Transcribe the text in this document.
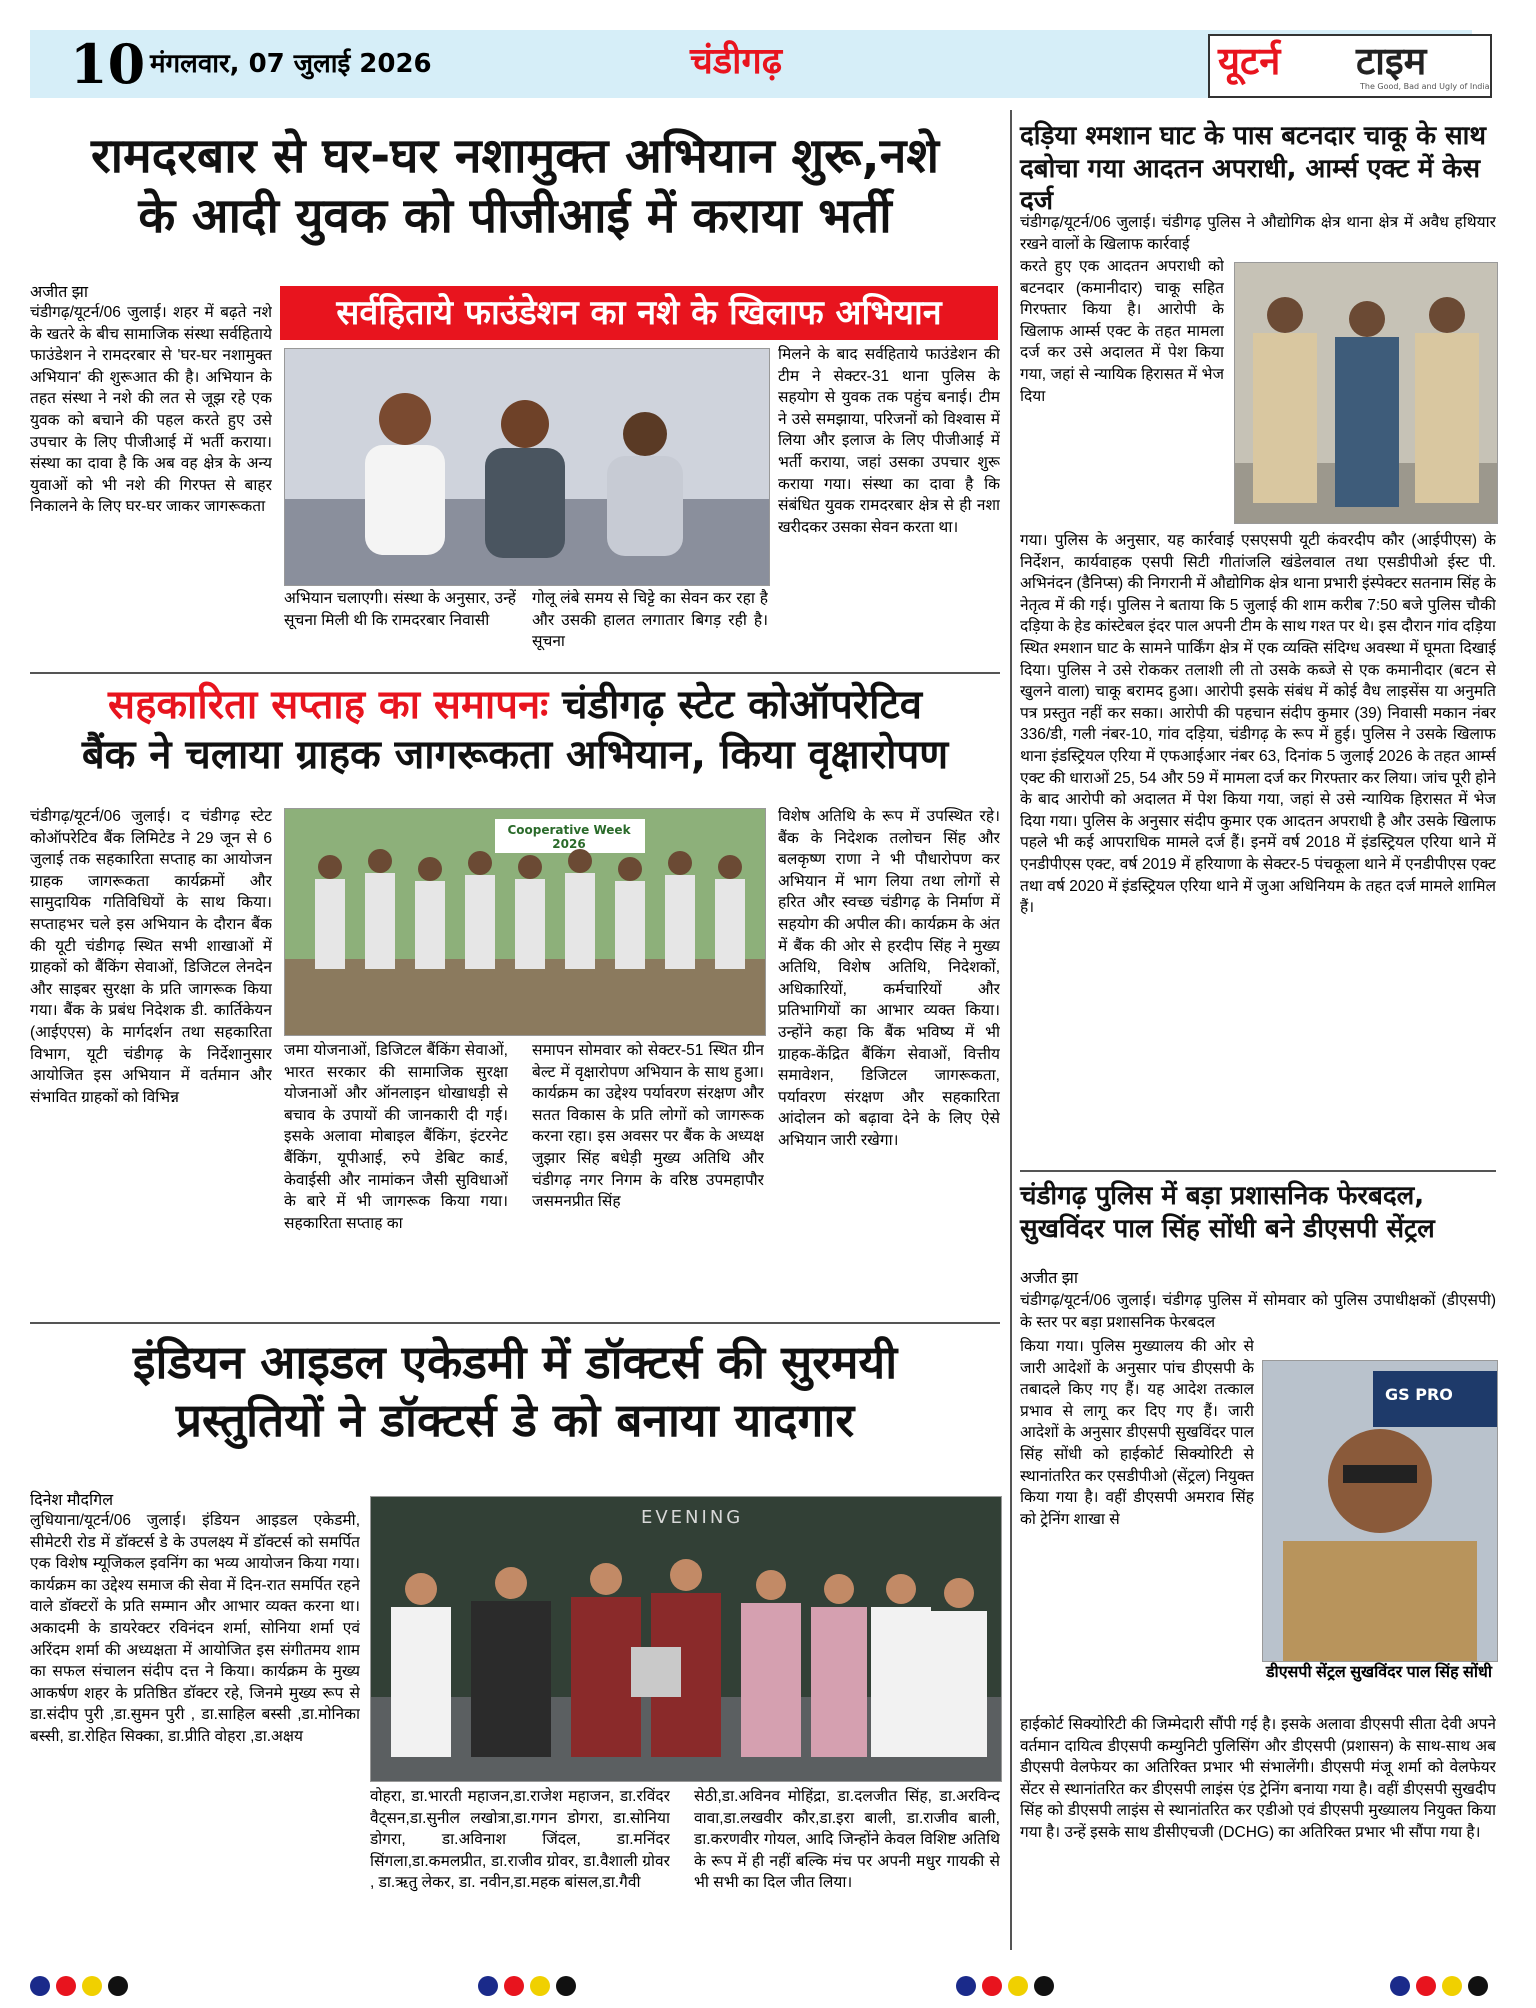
10 मंगलवार, 07 जुलाई 2026	चंडीगढ़	यूटर्न टाइम
The Good, Bad and Ugly of India
रामदरबार से घर-घर नशामुक्त अभियान शुरू,नशे
के आदी युवक को पीजीआई में कराया भर्ती
अजीत झा
सर्वहिताये फाउंडेशन का नशे के खिलाफ अभियान
चंडीगढ़/यूटर्न/06 जुलाई। शहर में बढ़ते नशे के खतरे के बीच सामाजिक संस्था सर्वहिताये फाउंडेशन ने रामदरबार से 'घर-घर नशामुक्त अभियान' की शुरूआत की है। अभियान के तहत संस्था ने नशे की लत से जूझ रहे एक युवक को बचाने की पहल करते हुए उसे उपचार के लिए पीजीआई में भर्ती कराया। संस्था का दावा है कि अब वह क्षेत्र के अन्य युवाओं को भी नशे की गिरफ्त से बाहर निकालने के लिए घर-घर जाकर जागरूकता
अभियान चलाएगी। संस्था के अनुसार, उन्हें सूचना मिली थी कि रामदरबार निवासी
गोलू लंबे समय से चिट्टे का सेवन कर रहा है और उसकी हालत लगातार बिगड़ रही है। सूचना
मिलने के बाद सर्वहिताये फाउंडेशन की टीम ने सेक्टर-31 थाना पुलिस के सहयोग से युवक तक पहुंच बनाई। टीम ने उसे समझाया, परिजनों को विश्वास में लिया और इलाज के लिए पीजीआई में भर्ती कराया, जहां उसका उपचार शुरू कराया गया। संस्था का दावा है कि संबंधित युवक रामदरबार क्षेत्र से ही नशा खरीदकर उसका सेवन करता था।
सहकारिता सप्ताह का समापनः चंडीगढ़ स्टेट कोऑपरेटिव
बैंक ने चलाया ग्राहक जागरूकता अभियान, किया वृक्षारोपण
चंडीगढ़/यूटर्न/06 जुलाई। द चंडीगढ़ स्टेट कोऑपरेटिव बैंक लिमिटेड ने 29 जून से 6 जुलाई तक सहकारिता सप्ताह का आयोजन ग्राहक जागरूकता कार्यक्रमों और सामुदायिक गतिविधियों के साथ किया। सप्ताहभर चले इस अभियान के दौरान बैंक की यूटी चंडीगढ़ स्थित सभी शाखाओं में ग्राहकों को बैंकिंग सेवाओं, डिजिटल लेनदेन और साइबर सुरक्षा के प्रति जागरूक किया गया। बैंक के प्रबंध निदेशक डी. कार्तिकेयन (आईएएस) के मार्गदर्शन तथा सहकारिता विभाग, यूटी चंडीगढ़ के निर्देशानुसार आयोजित इस अभियान में वर्तमान और संभावित ग्राहकों को विभिन्न
Cooperative Week 2026
जमा योजनाओं, डिजिटल बैंकिंग सेवाओं, भारत सरकार की सामाजिक सुरक्षा योजनाओं और ऑनलाइन धोखाधड़ी से बचाव के उपायों की जानकारी दी गई। इसके अलावा मोबाइल बैंकिंग, इंटरनेट बैंकिंग, यूपीआई, रुपे डेबिट कार्ड, केवाईसी और नामांकन जैसी सुविधाओं के बारे में भी जागरूक किया गया। सहकारिता सप्ताह का
समापन सोमवार को सेक्टर-51 स्थित ग्रीन बेल्ट में वृक्षारोपण अभियान के साथ हुआ। कार्यक्रम का उद्देश्य पर्यावरण संरक्षण और सतत विकास के प्रति लोगों को जागरूक करना रहा। इस अवसर पर बैंक के अध्यक्ष जुझार सिंह बधेड़ी मुख्य अतिथि और चंडीगढ़ नगर निगम के वरिष्ठ उपमहापौर जसमनप्रीत सिंह
विशेष अतिथि के रूप में उपस्थित रहे। बैंक के निदेशक तलोचन सिंह और बलकृष्ण राणा ने भी पौधारोपण कर अभियान में भाग लिया तथा लोगों से हरित और स्वच्छ चंडीगढ़ के निर्माण में सहयोग की अपील की। कार्यक्रम के अंत में बैंक की ओर से हरदीप सिंह ने मुख्य अतिथि, विशेष अतिथि, निदेशकों, अधिकारियों, कर्मचारियों और प्रतिभागियों का आभार व्यक्त किया। उन्होंने कहा कि बैंक भविष्य में भी ग्राहक-केंद्रित बैंकिंग सेवाओं, वित्तीय समावेशन, डिजिटल जागरूकता, पर्यावरण संरक्षण और सहकारिता आंदोलन को बढ़ावा देने के लिए ऐसे अभियान जारी रखेगा।
इंडियन आइडल एकेडमी में डॉक्टर्स की सुरमयी
प्रस्तुतियों ने डॉक्टर्स डे को बनाया यादगार
दिनेश मौदगिल
लुधियाना/यूटर्न/06 जुलाई। इंडियन आइडल एकेडमी, सीमेटरी रोड में डॉक्टर्स डे के उपलक्ष्य में डॉक्टर्स को समर्पित एक विशेष म्यूजिकल इवनिंग का भव्य आयोजन किया गया। कार्यक्रम का उद्देश्य समाज की सेवा में दिन-रात समर्पित रहने वाले डॉक्टरों के प्रति सम्मान और आभार व्यक्त करना था। अकादमी के डायरेक्टर रविनंदन शर्मा, सोनिया शर्मा एवं अरिंदम शर्मा की अध्यक्षता में आयोजित इस संगीतमय शाम का सफल संचालन संदीप दत्त ने किया। कार्यक्रम के मुख्य आकर्षण शहर के प्रतिष्ठित डॉक्टर रहे, जिनमे मुख्य रूप से डा.संदीप पुरी ,डा.सुमन पुरी , डा.साहिल बस्सी ,डा.मोनिका बस्सी, डा.रोहित सिक्का, डा.प्रीति वोहरा ,डा.अक्षय
EVENING
वोहरा, डा.भारती महाजन,डा.राजेश महाजन, डा.रविंदर वैट्सन,डा.सुनील लखोत्रा,डा.गगन डोगरा, डा.सोनिया डोगरा, डा.अविनाश जिंदल, डा.मनिंदर सिंगला,डा.कमलप्रीत, डा.राजीव ग्रोवर, डा.वैशाली ग्रोवर , डा.ऋतु लेकर, डा. नवीन,डा.महक बांसल,डा.गैवी
सेठी,डा.अविनव मोहिंद्रा, डा.दलजीत सिंह, डा.अरविन्द वावा,डा.लखवीर कौर,डा.इरा बाली, डा.राजीव बाली, डा.करणवीर गोयल, आदि जिन्होंने केवल विशिष्ट अतिथि के रूप में ही नहीं बल्कि मंच पर अपनी मधुर गायकी से भी सभी का दिल जीत लिया।
दड़िया श्मशान घाट के पास बटनदार चाकू के साथ
दबोचा गया आदतन अपराधी, आर्म्स एक्ट में केस दर्ज
चंडीगढ़/यूटर्न/06 जुलाई। चंडीगढ़ पुलिस ने औद्योगिक क्षेत्र थाना क्षेत्र में अवैध हथियार रखने वालों के खिलाफ कार्रवाई
करते हुए एक आदतन अपराधी को बटनदार (कमानीदार) चाकू सहित गिरफ्तार किया है। आरोपी के खिलाफ आर्म्स एक्ट के तहत मामला दर्ज कर उसे अदालत में पेश किया गया, जहां से न्यायिक हिरासत में भेज दिया
गया। पुलिस के अनुसार, यह कार्रवाई एसएसपी यूटी कंवरदीप कौर (आईपीएस) के निर्देशन, कार्यवाहक एसपी सिटी गीतांजलि खंडेलवाल तथा एसडीपीओ ईस्ट पी. अभिनंदन (डैनिप्स) की निगरानी में औद्योगिक क्षेत्र थाना प्रभारी इंस्पेक्टर सतनाम सिंह के नेतृत्व में की गई। पुलिस ने बताया कि 5 जुलाई की शाम करीब 7:50 बजे पुलिस चौकी दड़िया के हेड कांस्टेबल इंदर पाल अपनी टीम के साथ गश्त पर थे। इस दौरान गांव दड़िया स्थित श्मशान घाट के सामने पार्किंग क्षेत्र में एक व्यक्ति संदिग्ध अवस्था में घूमता दिखाई दिया। पुलिस ने उसे रोककर तलाशी ली तो उसके कब्जे से एक कमानीदार (बटन से खुलने वाला) चाकू बरामद हुआ। आरोपी इसके संबंध में कोई वैध लाइसेंस या अनुमति पत्र प्रस्तुत नहीं कर सका। आरोपी की पहचान संदीप कुमार (39) निवासी मकान नंबर 336/डी, गली नंबर-10, गांव दड़िया, चंडीगढ़ के रूप में हुई। पुलिस ने उसके खिलाफ थाना इंडस्ट्रियल एरिया में एफआईआर नंबर 63, दिनांक 5 जुलाई 2026 के तहत आर्म्स एक्ट की धाराओं 25, 54 और 59 में मामला दर्ज कर गिरफ्तार कर लिया। जांच पूरी होने के बाद आरोपी को अदालत में पेश किया गया, जहां से उसे न्यायिक हिरासत में भेज दिया गया। पुलिस के अनुसार संदीप कुमार एक आदतन अपराधी है और उसके खिलाफ पहले भी कई आपराधिक मामले दर्ज हैं। इनमें वर्ष 2018 में इंडस्ट्रियल एरिया थाने में एनडीपीएस एक्ट, वर्ष 2019 में हरियाणा के सेक्टर-5 पंचकूला थाने में एनडीपीएस एक्ट तथा वर्ष 2020 में इंडस्ट्रियल एरिया थाने में जुआ अधिनियम के तहत दर्ज मामले शामिल हैं।
चंडीगढ़ पुलिस में बड़ा प्रशासनिक फेरबदल,
सुखविंदर पाल सिंह सोंधी बने डीएसपी सेंट्रल
अजीत झा
चंडीगढ़/यूटर्न/06 जुलाई। चंडीगढ़ पुलिस में सोमवार को पुलिस उपाधीक्षकों (डीएसपी) के स्तर पर बड़ा प्रशासनिक फेरबदल
किया गया। पुलिस मुख्यालय की ओर से जारी आदेशों के अनुसार पांच डीएसपी के तबादले किए गए हैं। यह आदेश तत्काल प्रभाव से लागू कर दिए गए हैं। जारी आदेशों के अनुसार डीएसपी सुखविंदर पाल सिंह सोंधी को हाईकोर्ट सिक्योरिटी से स्थानांतरित कर एसडीपीओ (सेंट्रल) नियुक्त किया गया है। वहीं डीएसपी अमराव सिंह को ट्रेनिंग शाखा से
GS PRO
डीएसपी सेंट्रल सुखविंदर पाल सिंह सोंधी
हाईकोर्ट सिक्योरिटी की जिम्मेदारी सौंपी गई है। इसके अलावा डीएसपी सीता देवी अपने वर्तमान दायित्व डीएसपी कम्युनिटी पुलिसिंग और डीएसपी (प्रशासन) के साथ-साथ अब डीएसपी वेलफेयर का अतिरिक्त प्रभार भी संभालेंगी। डीएसपी मंजू शर्मा को वेलफेयर सेंटर से स्थानांतरित कर डीएसपी लाइंस एंड ट्रेनिंग बनाया गया है। वहीं डीएसपी सुखदीप सिंह को डीएसपी लाइंस से स्थानांतरित कर एडीओ एवं डीएसपी मुख्यालय नियुक्त किया गया है। उन्हें इसके साथ डीसीएचजी (DCHG) का अतिरिक्त प्रभार भी सौंपा गया है।
